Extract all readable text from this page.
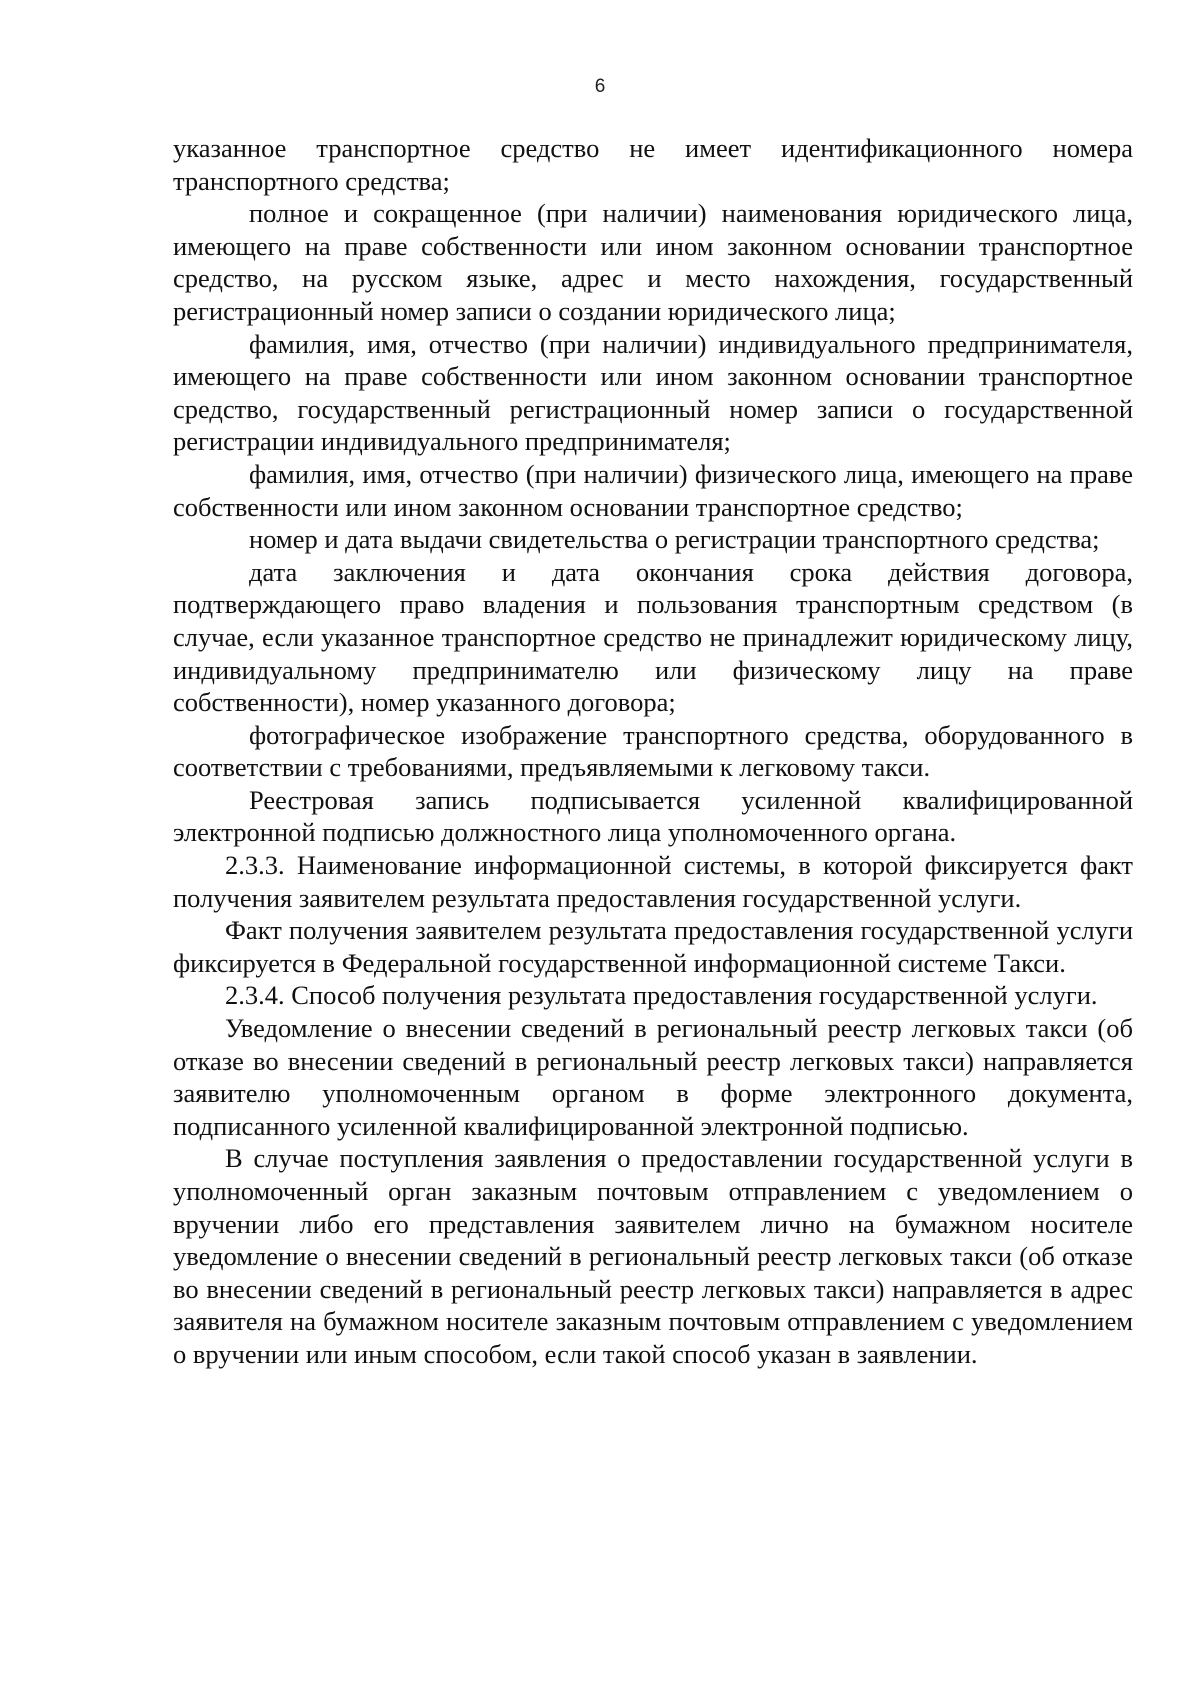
6

указанное транспортное средство не имеет идентификационного номера транспортного средства;

полное и сокращенное (при наличии) наименования юридического лица, имеющего на праве собственности или ином законном основании транспортное средство, на русском языке, адрес и место нахождения, государственный регистрационный номер записи о создании юридического лица;

фамилия, имя, отчество (при наличии) индивидуального предпринимателя, имеющего на праве собственности или ином законном основании транспортное средство, государственный регистрационный номер записи о государственной регистрации индивидуального предпринимателя;

фамилия, имя, отчество (при наличии) физического лица, имеющего на праве собственности или ином законном основании транспортное средство;

номер и дата выдачи свидетельства о регистрации транспортного средства;

дата заключения и дата окончания срока действия договора, подтверждающего право владения и пользования транспортным средством (в случае, если указанное транспортное средство не принадлежит юридическому лицу, индивидуальному предпринимателю или физическому лицу на праве собственности), номер указанного договора;

фотографическое изображение транспортного средства, оборудованного в соответствии с требованиями, предъявляемыми к легковому такси.

Реестровая запись подписывается усиленной квалифицированной электронной подписью должностного лица уполномоченного органа.

2.3.3. Наименование информационной системы, в которой фиксируется факт получения заявителем результата предоставления государственной услуги.

Факт получения заявителем результата предоставления государственной услуги фиксируется в Федеральной государственной информационной системе Такси.

2.3.4. Способ получения результата предоставления государственной услуги.

Уведомление о внесении сведений в региональный реестр легковых такси (об отказе во внесении сведений в региональный реестр легковых такси) направляется заявителю уполномоченным органом в форме электронного документа, подписанного усиленной квалифицированной электронной подписью.

В случае поступления заявления о предоставлении государственной услуги в уполномоченный орган заказным почтовым отправлением с уведомлением о вручении либо его представления заявителем лично на бумажном носителе уведомление о внесении сведений в региональный реестр легковых такси (об отказе во внесении сведений в региональный реестр легковых такси) направляется в адрес заявителя на бумажном носителе заказным почтовым отправлением с уведомлением о вручении или иным способом, если такой способ указан в заявлении.
